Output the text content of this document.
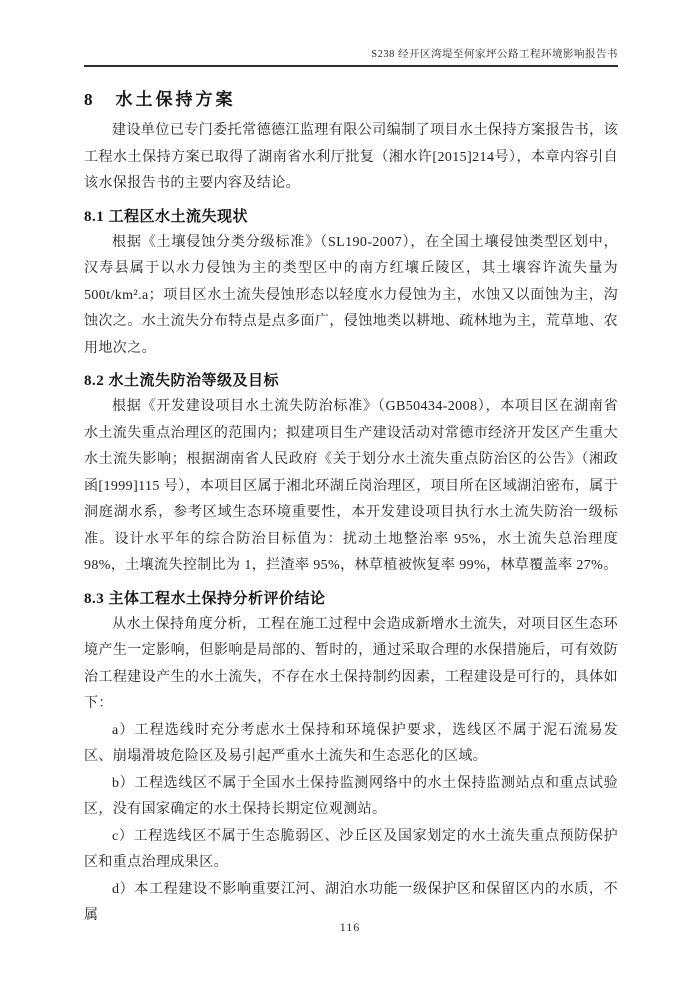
S238 经开区湾堤至何家坪公路工程环境影响报告书
8　水土保持方案

建设单位已专门委托常德德江监理有限公司编制了项目水土保持方案报告书，该工程水土保持方案已取得了湖南省水利厅批复（湘水许[2015]214号），本章内容引自该水保报告书的主要内容及结论。

8.1 工程区水土流失现状

根据《土壤侵蚀分类分级标准》（SL190-2007），在全国土壤侵蚀类型区划中，汉寿县属于以水力侵蚀为主的类型区中的南方红壤丘陵区，其土壤容许流失量为500t/km².a；项目区水土流失侵蚀形态以轻度水力侵蚀为主，水蚀又以面蚀为主，沟蚀次之。水土流失分布特点是点多面广，侵蚀地类以耕地、疏林地为主，荒草地、农用地次之。

8.2 水土流失防治等级及目标

根据《开发建设项目水土流失防治标准》（GB50434-2008），本项目区在湖南省水土流失重点治理区的范围内；拟建项目生产建设活动对常德市经济开发区产生重大水土流失影响；根据湖南省人民政府《关于划分水土流失重点防治区的公告》（湘政函[1999]115 号），本项目区属于湘北环湖丘岗治理区，项目所在区域湖泊密布，属于洞庭湖水系，参考区域生态环境重要性，本开发建设项目执行水土流失防治一级标准。设计水平年的综合防治目标值为：扰动土地整治率 95%，水土流失总治理度98%，土壤流失控制比为 1，拦渣率 95%，林草植被恢复率 99%，林草覆盖率 27%。

8.3 主体工程水土保持分析评价结论

从水土保持角度分析，工程在施工过程中会造成新增水土流失，对项目区生态环境产生一定影响，但影响是局部的、暂时的，通过采取合理的水保措施后，可有效防治工程建设产生的水土流失，不存在水土保持制约因素，工程建设是可行的，具体如下：

a）工程选线时充分考虑水土保持和环境保护要求，选线区不属于泥石流易发区、崩塌滑坡危险区及易引起严重水土流失和生态恶化的区域。

b）工程选线区不属于全国水土保持监测网络中的水土保持监测站点和重点试验区，没有国家确定的水土保持长期定位观测站。

c）工程选线区不属于生态脆弱区、沙丘区及国家划定的水土流失重点预防保护区和重点治理成果区。

d）本工程建设不影响重要江河、湖泊水功能一级保护区和保留区内的水质，不属

116
